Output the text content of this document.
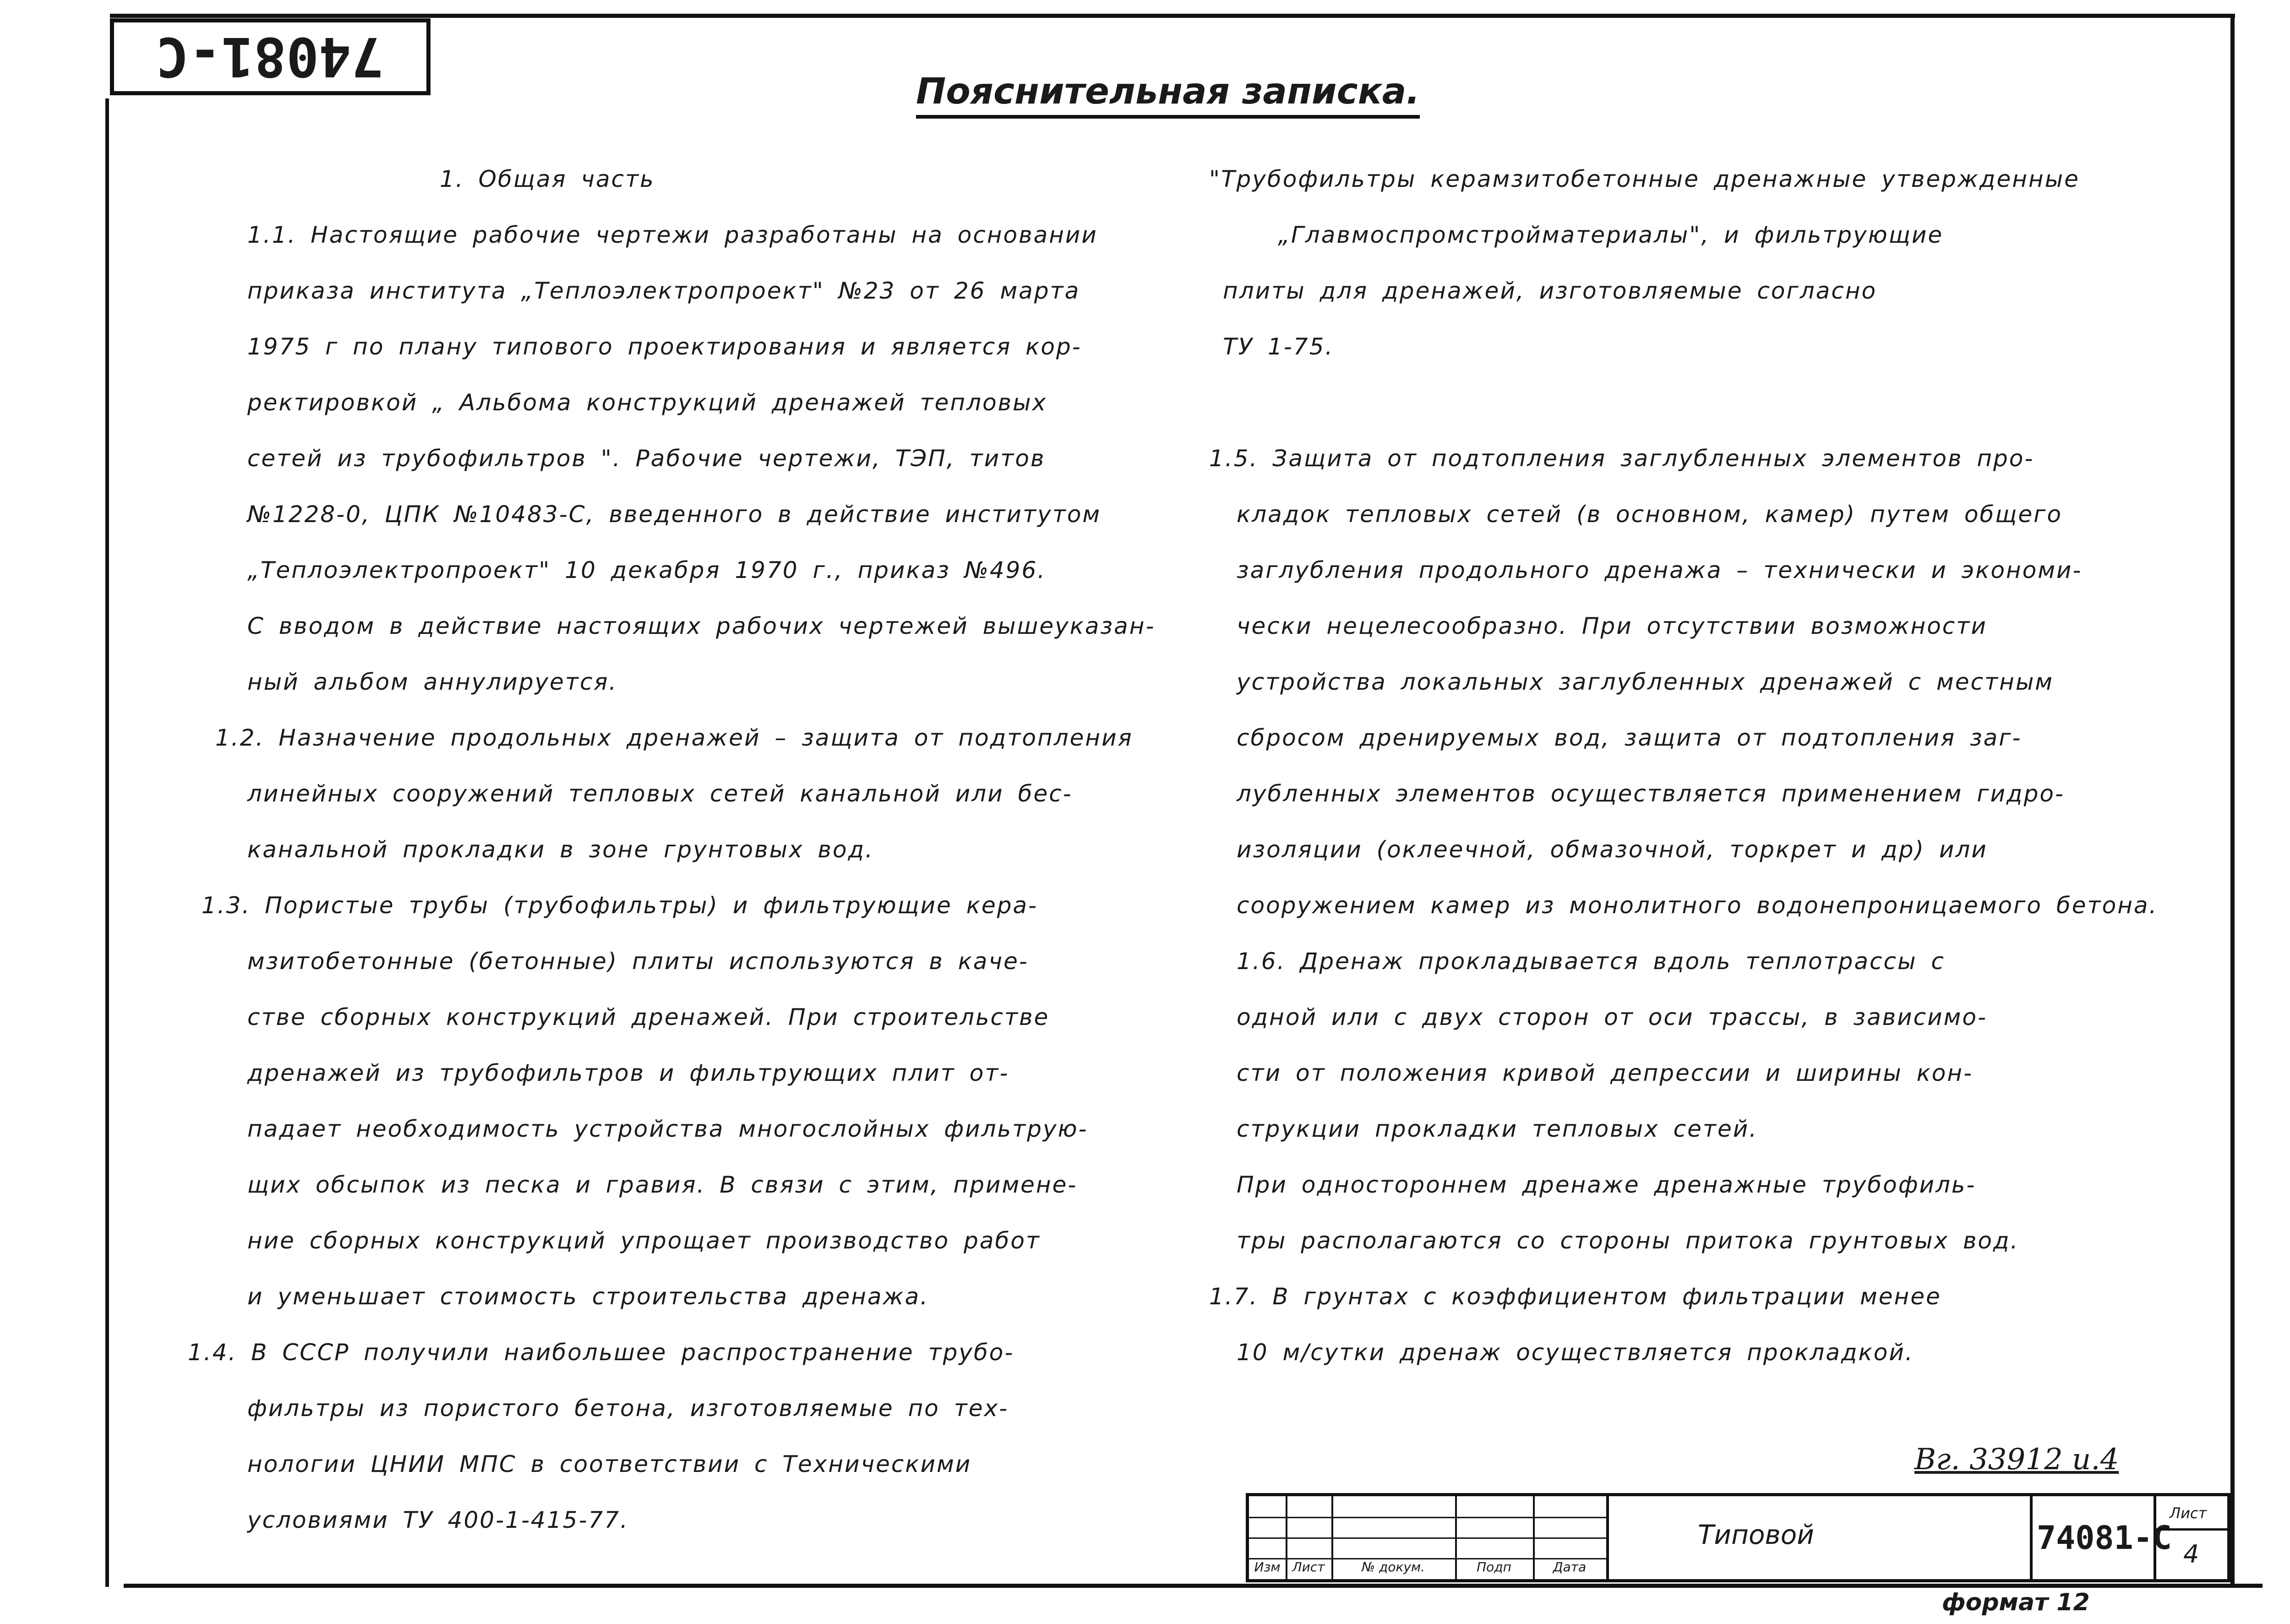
74081-С
Пояснительная записка.
1. Общая часть
1.1. Настоящие рабочие чертежи разработаны на основании
приказа института „Теплоэлектропроект" №23 от 26 марта
1975 г по плану типового проектирования и является кор-
ректировкой „ Альбома конструкций дренажей тепловых
сетей из трубофильтров ". Рабочие чертежи, ТЭП, титов
№1228-0, ЦПК №10483-С, введенного в действие институтом
„Теплоэлектропроект" 10 декабря 1970 г., приказ №496.
С вводом в действие настоящих рабочих чертежей вышеуказан-
ный альбом аннулируется.
1.2. Назначение продольных дренажей – защита от подтопления
линейных сооружений тепловых сетей канальной или бес-
канальной прокладки в зоне грунтовых вод.
1.3. Пористые трубы (трубофильтры) и фильтрующие кера-
мзитобетонные (бетонные) плиты используются в каче-
стве сборных конструкций дренажей. При строительстве
дренажей из трубофильтров и фильтрующих плит от-
падает необходимость устройства многослойных фильтрую-
щих обсыпок из песка и гравия. В связи с этим, примене-
ние сборных конструкций упрощает производство работ
и уменьшает стоимость строительства дренажа.
1.4. В СССР получили наибольшее распространение трубо-
фильтры из пористого бетона, изготовляемые по тех-
нологии ЦНИИ МПС в соответствии с Техническими
условиями ТУ 400-1-415-77.
"Трубофильтры керамзитобетонные дренажные утвержденные
„Главмоспромстройматериалы", и фильтрующие
плиты для дренажей, изготовляемые согласно
ТУ 1-75.
1.5. Защита от подтопления заглубленных элементов про-
кладок тепловых сетей (в основном, камер) путем общего
заглубления продольного дренажа – технически и экономи-
чески нецелесообразно. При отсутствии возможности
устройства локальных заглубленных дренажей с местным
сбросом дренируемых вод, защита от подтопления заг-
лубленных элементов осуществляется применением гидро-
изоляции (оклеечной, обмазочной, торкрет и др) или
сооружением камер из монолитного водонепроницаемого бетона.
1.6. Дренаж прокладывается вдоль теплотрассы с
одной или с двух сторон от оси трассы, в зависимо-
сти от положения кривой депрессии и ширины кон-
струкции прокладки тепловых сетей.
При одностороннем дренаже дренажные трубофиль-
тры располагаются со стороны притока грунтовых вод.
1.7. В грунтах с коэффициентом фильтрации менее
10 м/сутки дренаж осуществляется прокладкой.
Вг. 33912 и.4
Изм Лист	№ докум.	Подп	Дата
Типовой	74081-С
Лист
4
формат 12
